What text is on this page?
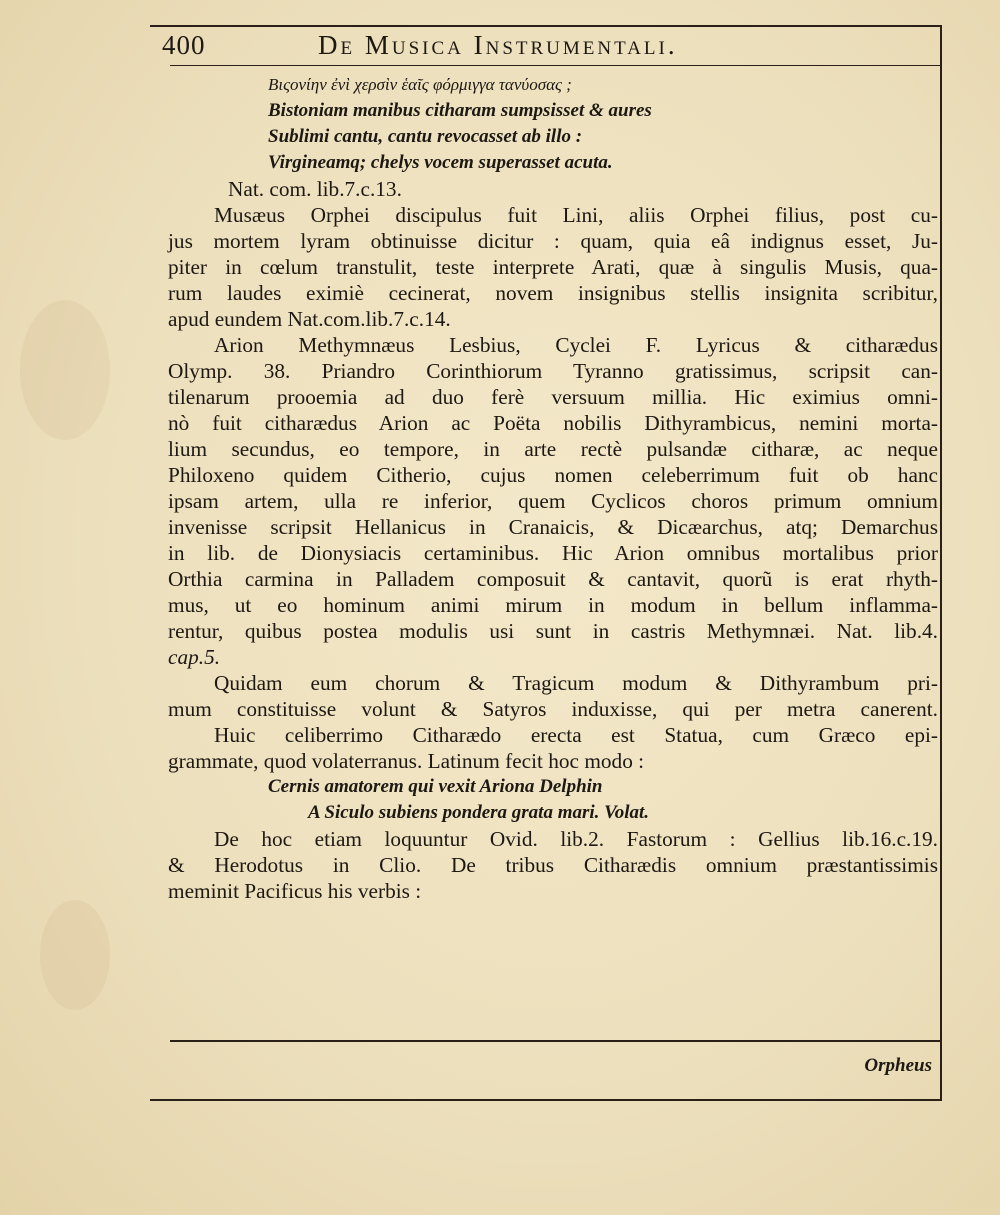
400	De Musica Instrumentali.
Βιςονίην ἐνὶ χερσὶν ἑαῖς φόρμιγγα τανύοσας ;
Bistoniam manibus citharam sumpsisset & aures
Sublimi cantu, cantu revocasset ab illo :
Virgineamq; chelys vocem superasset acuta.
Nat. com. lib.7.c.13.
Musæus Orphei discipulus fuit Lini, aliis Orphei filius, post cu-
jus mortem lyram obtinuisse dicitur : quam, quia eâ indignus esset, Ju-
piter in cœlum transtulit, teste interprete Arati, quæ à singulis Musis, qua-
rum laudes eximiè cecinerat, novem insignibus stellis insignita scribitur,
apud eundem Nat.com.lib.7.c.14.
Arion Methymnæus Lesbius, Cyclei F. Lyricus & citharædus
Olymp. 38. Priandro Corinthiorum Tyranno gratissimus, scripsit can-
tilenarum prooemia ad duo ferè versuum millia. Hic eximius omni-
nò fuit citharædus Arion ac Poëta nobilis Dithyrambicus, nemini morta-
lium secundus, eo tempore, in arte rectè pulsandæ citharæ, ac neque
Philoxeno quidem Citherio, cujus nomen celeberrimum fuit ob hanc
ipsam artem, ulla re inferior, quem Cyclicos choros primum omnium
invenisse scripsit Hellanicus in Cranaicis, & Dicæarchus, atq; Demarchus
in lib. de Dionysiacis certaminibus. Hic Arion omnibus mortalibus prior
Orthia carmina in Palladem composuit & cantavit, quorũ is erat rhyth-
mus, ut eo hominum animi mirum in modum in bellum inflamma-
rentur, quibus postea modulis usi sunt in castris Methymnæi. Nat. lib.4.
cap.5.
Quidam eum chorum & Tragicum modum & Dithyrambum pri-
mum constituisse volunt & Satyros induxisse, qui per metra canerent.
Huic celiberrimo Citharædo erecta est Statua, cum Græco epi-
grammate, quod volaterranus. Latinum fecit hoc modo :
Cernis amatorem qui vexit Ariona Delphin
A Siculo subiens pondera grata mari. Volat.
De hoc etiam loquuntur Ovid. lib.2. Fastorum : Gellius lib.16.c.19.
& Herodotus in Clio. De tribus Citharædis omnium præstantissimis
meminit Pacificus his verbis :
Orpheus
